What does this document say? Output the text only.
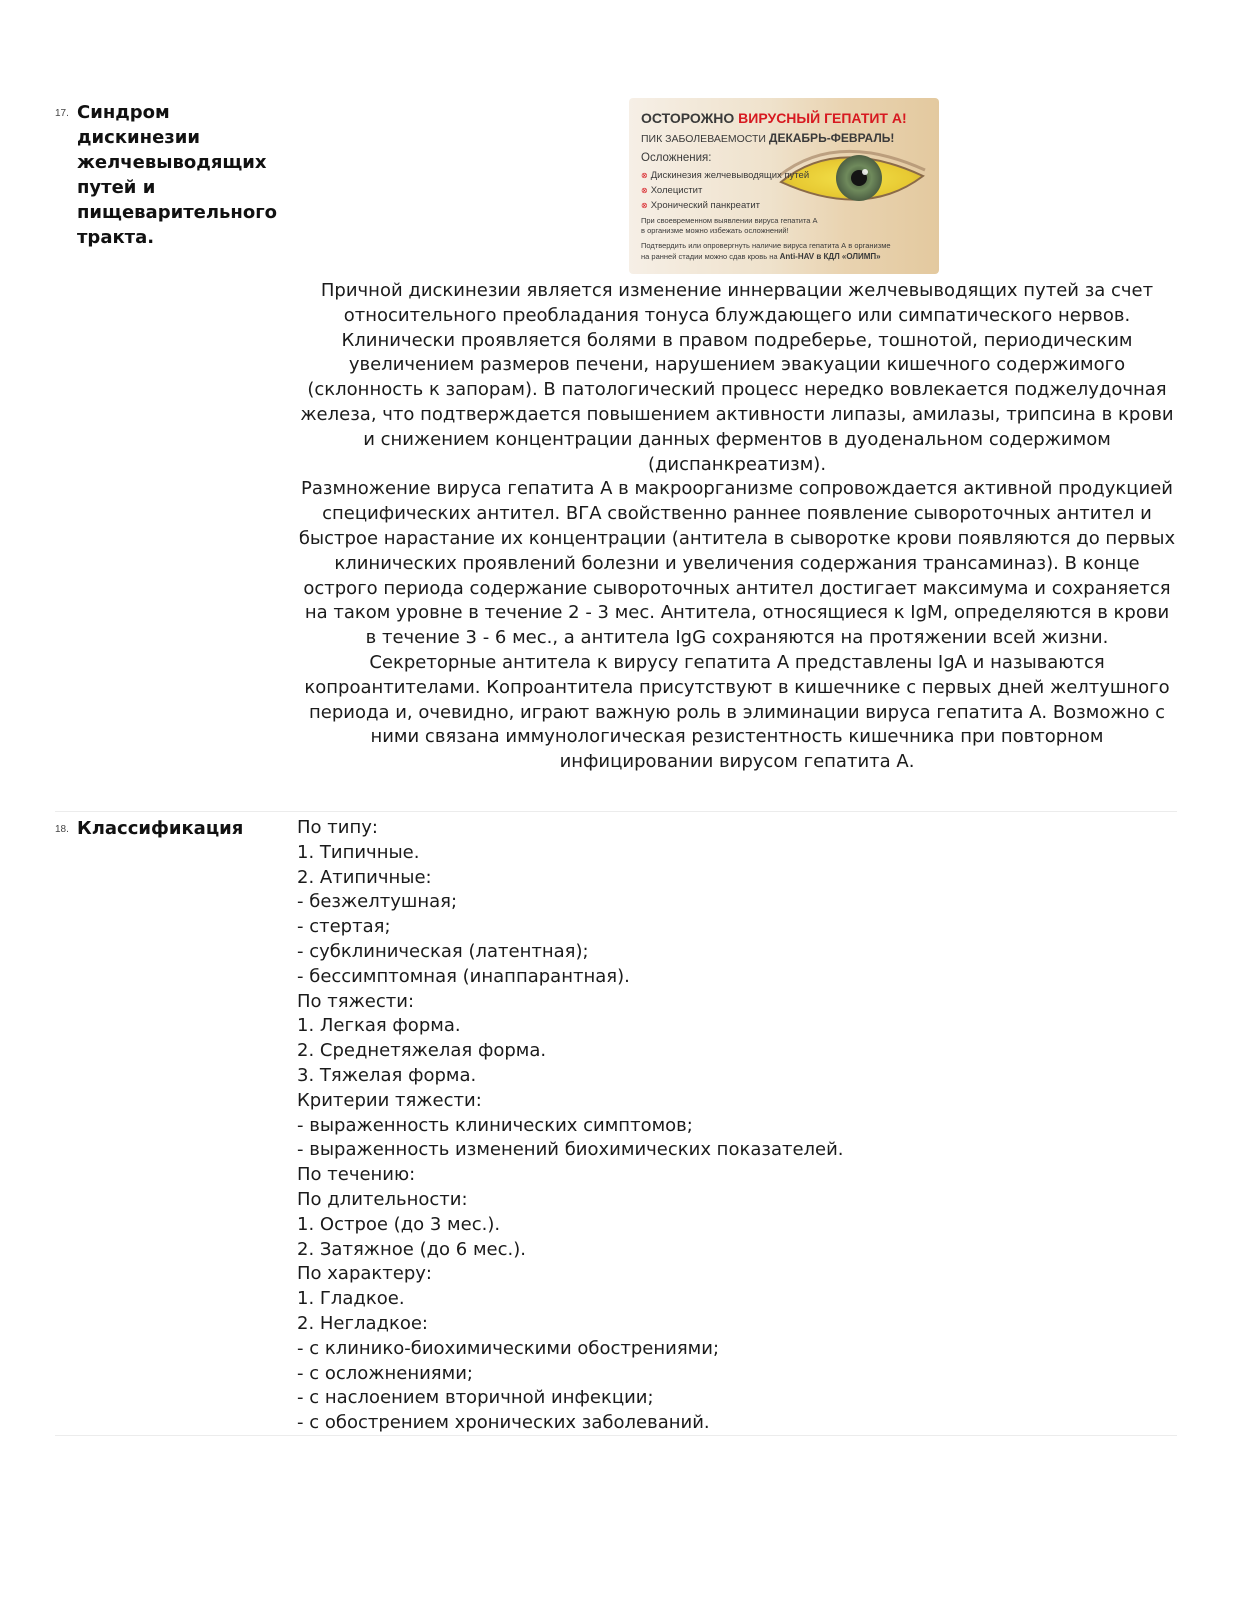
17. Синдром дискинезии желчевыводящих путей и пищеварительного тракта.
ОСТОРОЖНО ВИРУСНЫЙ ГЕПАТИТ А!
ПИК ЗАБОЛЕВАЕМОСТИ ДЕКАБРЬ-ФЕВРАЛЬ!
Осложнения:
⊗ Дискинезия желчевыводящих путей
⊗ Холецистит
⊗ Хронический панкреатит
При своевременном выявлении вируса гепатита А
в организме можно избежать осложнений!
Подтвердить или опровергнуть наличие вируса гепатита А в организме
на ранней стадии можно сдав кровь на Anti-HAV в КДЛ «ОЛИМП»

Причной дискинезии является изменение иннервации желчевыводящих путей за счет относительного преобладания тонуса блуждающего или симпатического нервов. Клинически проявляется болями в правом подреберье, тошнотой, периодическим увеличением размеров печени, нарушением эвакуации кишечного содержимого (склонность к запорам). В патологический процесс нередко вовлекается поджелудочная железа, что подтверждается повышением активности липазы, амилазы, трипсина в крови и снижением концентрации данных ферментов в дуоденальном содержимом (диспанкреатизм).

Размножение вируса гепатита А в макроорганизме сопровождается активной продукцией специфических антител. ВГА свойственно раннее появление сывороточных антител и быстрое нарастание их концентрации (антитела в сыворотке крови появляются до первых клинических проявлений болезни и увеличения содержания трансаминаз). В конце острого периода содержание сывороточных антител достигает максимума и сохраняется на таком уровне в течение 2 - 3 мес. Антитела, относящиеся к IgM, определяются в крови в течение 3 - 6 мес., а антитела IgG сохраняются на протяжении всей жизни.

Секреторные антитела к вирусу гепатита А представлены IgA и называются копроантителами. Копроантитела присутствуют в кишечнике с первых дней желтушного периода и, очевидно, играют важную роль в элиминации вируса гепатита А. Возможно с ними связана иммунологическая резистентность кишечника при повторном инфицировании вирусом гепатита А.

18. Классификация	По типу:
1. Типичные.
2. Атипичные:
- безжелтушная;
- стертая;
- субклиническая (латентная);
- бессимптомная (инаппарантная).
По тяжести:
1. Легкая форма.
2. Среднетяжелая форма.
3. Тяжелая форма.
Критерии тяжести:
- выраженность клинических симптомов;
- выраженность изменений биохимических показателей.
По течению:
По длительности:
1. Острое (до 3 мес.).
2. Затяжное (до 6 мес.).
По характеру:
1. Гладкое.
2. Негладкое:
- с клинико-биохимическими обострениями;
- с осложнениями;
- с наслоением вторичной инфекции;
- с обострением хронических заболеваний.
